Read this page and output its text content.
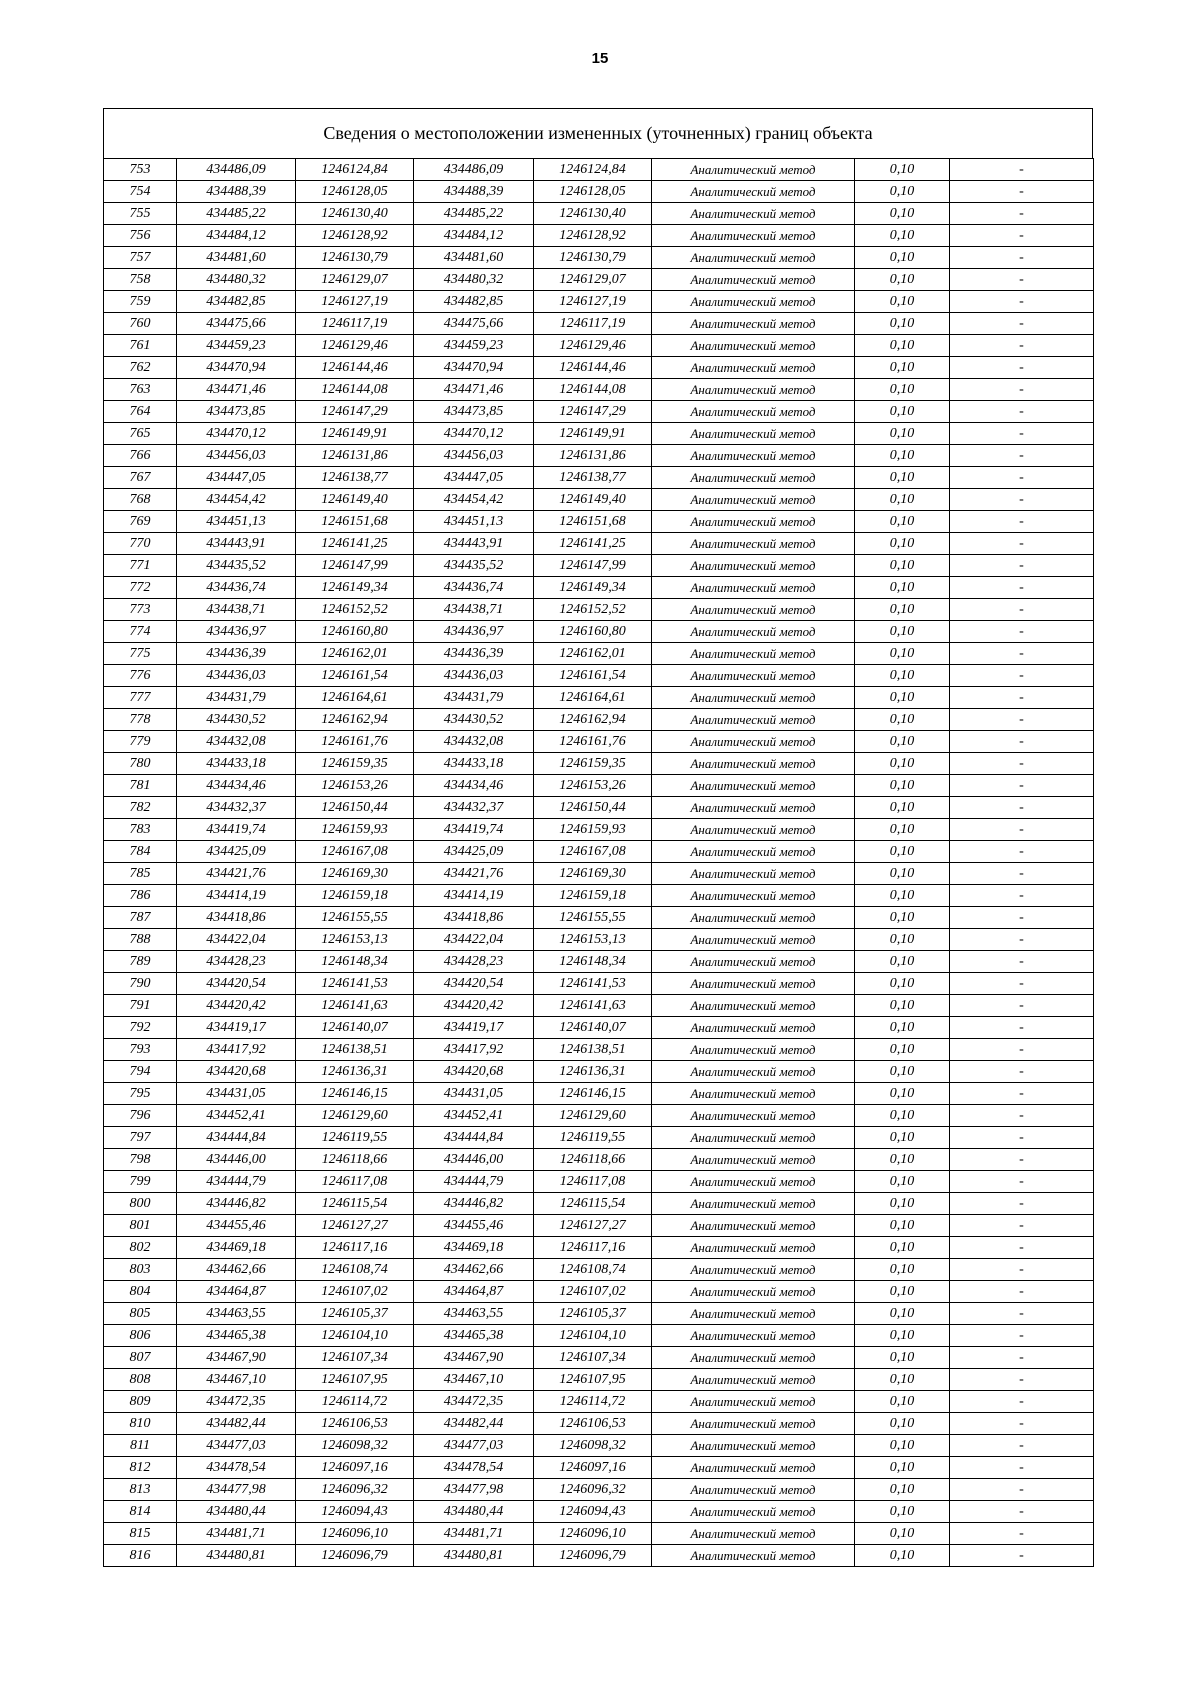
15
Сведения о местоположении измененных (уточненных) границ объекта
753	434486,09	1246124,84	434486,09	1246124,84	Аналитический метод	0,10	-
754	434488,39	1246128,05	434488,39	1246128,05	Аналитический метод	0,10	-
755	434485,22	1246130,40	434485,22	1246130,40	Аналитический метод	0,10	-
756	434484,12	1246128,92	434484,12	1246128,92	Аналитический метод	0,10	-
757	434481,60	1246130,79	434481,60	1246130,79	Аналитический метод	0,10	-
758	434480,32	1246129,07	434480,32	1246129,07	Аналитический метод	0,10	-
759	434482,85	1246127,19	434482,85	1246127,19	Аналитический метод	0,10	-
760	434475,66	1246117,19	434475,66	1246117,19	Аналитический метод	0,10	-
761	434459,23	1246129,46	434459,23	1246129,46	Аналитический метод	0,10	-
762	434470,94	1246144,46	434470,94	1246144,46	Аналитический метод	0,10	-
763	434471,46	1246144,08	434471,46	1246144,08	Аналитический метод	0,10	-
764	434473,85	1246147,29	434473,85	1246147,29	Аналитический метод	0,10	-
765	434470,12	1246149,91	434470,12	1246149,91	Аналитический метод	0,10	-
766	434456,03	1246131,86	434456,03	1246131,86	Аналитический метод	0,10	-
767	434447,05	1246138,77	434447,05	1246138,77	Аналитический метод	0,10	-
768	434454,42	1246149,40	434454,42	1246149,40	Аналитический метод	0,10	-
769	434451,13	1246151,68	434451,13	1246151,68	Аналитический метод	0,10	-
770	434443,91	1246141,25	434443,91	1246141,25	Аналитический метод	0,10	-
771	434435,52	1246147,99	434435,52	1246147,99	Аналитический метод	0,10	-
772	434436,74	1246149,34	434436,74	1246149,34	Аналитический метод	0,10	-
773	434438,71	1246152,52	434438,71	1246152,52	Аналитический метод	0,10	-
774	434436,97	1246160,80	434436,97	1246160,80	Аналитический метод	0,10	-
775	434436,39	1246162,01	434436,39	1246162,01	Аналитический метод	0,10	-
776	434436,03	1246161,54	434436,03	1246161,54	Аналитический метод	0,10	-
777	434431,79	1246164,61	434431,79	1246164,61	Аналитический метод	0,10	-
778	434430,52	1246162,94	434430,52	1246162,94	Аналитический метод	0,10	-
779	434432,08	1246161,76	434432,08	1246161,76	Аналитический метод	0,10	-
780	434433,18	1246159,35	434433,18	1246159,35	Аналитический метод	0,10	-
781	434434,46	1246153,26	434434,46	1246153,26	Аналитический метод	0,10	-
782	434432,37	1246150,44	434432,37	1246150,44	Аналитический метод	0,10	-
783	434419,74	1246159,93	434419,74	1246159,93	Аналитический метод	0,10	-
784	434425,09	1246167,08	434425,09	1246167,08	Аналитический метод	0,10	-
785	434421,76	1246169,30	434421,76	1246169,30	Аналитический метод	0,10	-
786	434414,19	1246159,18	434414,19	1246159,18	Аналитический метод	0,10	-
787	434418,86	1246155,55	434418,86	1246155,55	Аналитический метод	0,10	-
788	434422,04	1246153,13	434422,04	1246153,13	Аналитический метод	0,10	-
789	434428,23	1246148,34	434428,23	1246148,34	Аналитический метод	0,10	-
790	434420,54	1246141,53	434420,54	1246141,53	Аналитический метод	0,10	-
791	434420,42	1246141,63	434420,42	1246141,63	Аналитический метод	0,10	-
792	434419,17	1246140,07	434419,17	1246140,07	Аналитический метод	0,10	-
793	434417,92	1246138,51	434417,92	1246138,51	Аналитический метод	0,10	-
794	434420,68	1246136,31	434420,68	1246136,31	Аналитический метод	0,10	-
795	434431,05	1246146,15	434431,05	1246146,15	Аналитический метод	0,10	-
796	434452,41	1246129,60	434452,41	1246129,60	Аналитический метод	0,10	-
797	434444,84	1246119,55	434444,84	1246119,55	Аналитический метод	0,10	-
798	434446,00	1246118,66	434446,00	1246118,66	Аналитический метод	0,10	-
799	434444,79	1246117,08	434444,79	1246117,08	Аналитический метод	0,10	-
800	434446,82	1246115,54	434446,82	1246115,54	Аналитический метод	0,10	-
801	434455,46	1246127,27	434455,46	1246127,27	Аналитический метод	0,10	-
802	434469,18	1246117,16	434469,18	1246117,16	Аналитический метод	0,10	-
803	434462,66	1246108,74	434462,66	1246108,74	Аналитический метод	0,10	-
804	434464,87	1246107,02	434464,87	1246107,02	Аналитический метод	0,10	-
805	434463,55	1246105,37	434463,55	1246105,37	Аналитический метод	0,10	-
806	434465,38	1246104,10	434465,38	1246104,10	Аналитический метод	0,10	-
807	434467,90	1246107,34	434467,90	1246107,34	Аналитический метод	0,10	-
808	434467,10	1246107,95	434467,10	1246107,95	Аналитический метод	0,10	-
809	434472,35	1246114,72	434472,35	1246114,72	Аналитический метод	0,10	-
810	434482,44	1246106,53	434482,44	1246106,53	Аналитический метод	0,10	-
811	434477,03	1246098,32	434477,03	1246098,32	Аналитический метод	0,10	-
812	434478,54	1246097,16	434478,54	1246097,16	Аналитический метод	0,10	-
813	434477,98	1246096,32	434477,98	1246096,32	Аналитический метод	0,10	-
814	434480,44	1246094,43	434480,44	1246094,43	Аналитический метод	0,10	-
815	434481,71	1246096,10	434481,71	1246096,10	Аналитический метод	0,10	-
816	434480,81	1246096,79	434480,81	1246096,79	Аналитический метод	0,10	-
